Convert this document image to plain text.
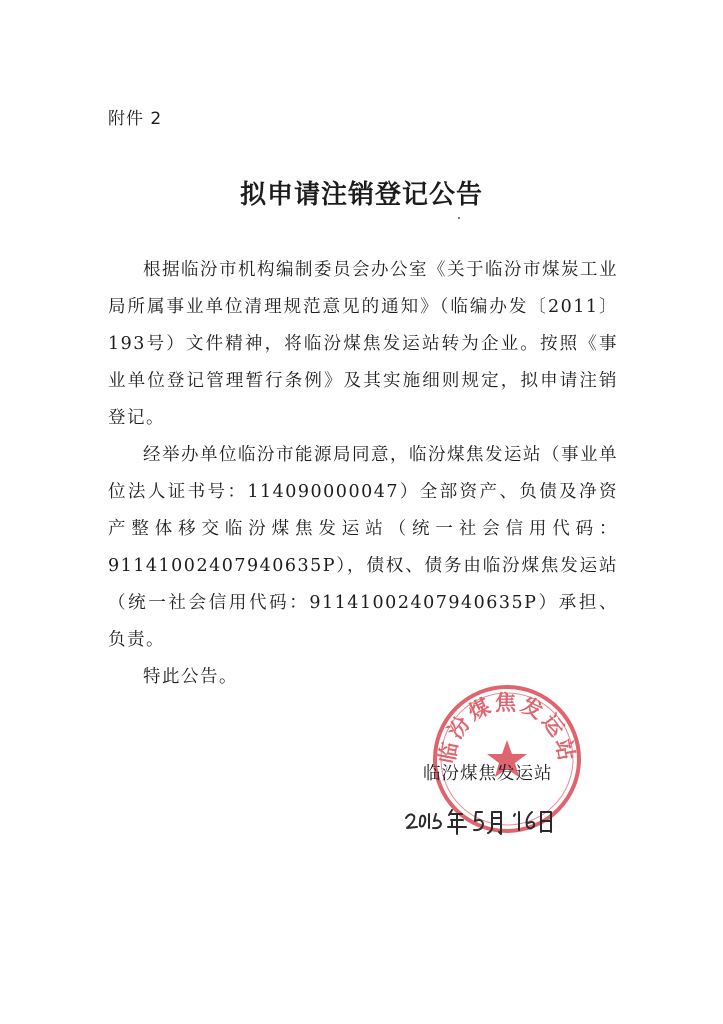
附件 2
拟申请注销登记公告

根据临汾市机构编制委员会办公室《关于临汾市煤炭工业局所属事业单位清理规范意见的通知》（临编办发〔2011〕193号）文件精神，将临汾煤焦发运站转为企业。按照《事业单位登记管理暂行条例》及其实施细则规定，拟申请注销登记。

经举办单位临汾市能源局同意，临汾煤焦发运站（事业单位法人证书号：114090000047）全部资产、负债及净资产整体移交临汾煤焦发运站（统一社会信用代码：91141002407940635P），债权、债务由临汾煤焦发运站（统一社会信用代码：91141002407940635P）承担、负责。

特此公告。

临汾煤焦发运站
临汾煤焦发运站
